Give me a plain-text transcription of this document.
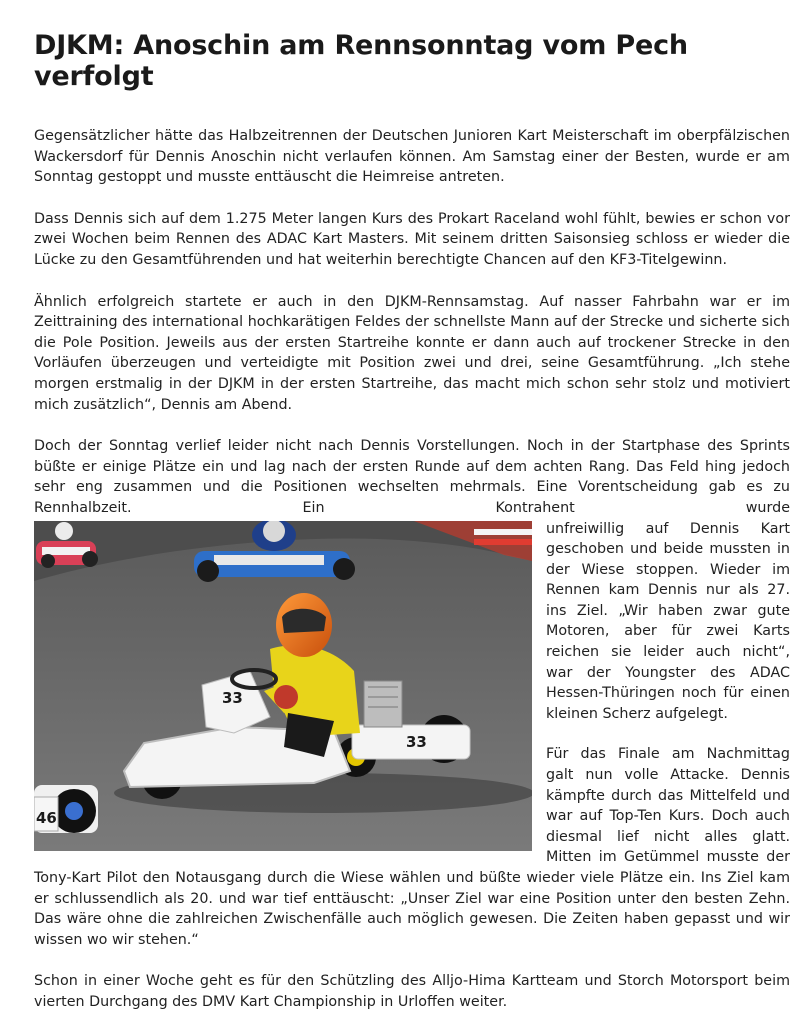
DJKM: Anoschin am Rennsonntag vom Pech verfolgt

Gegensätzlicher hätte das Halbzeitrennen der Deutschen Junioren Kart Meisterschaft im oberpfälzischen Wackersdorf für Dennis Anoschin nicht verlaufen können. Am Samstag einer der Besten, wurde er am Sonntag gestoppt und musste enttäuscht die Heimreise antreten.

Dass Dennis sich auf dem 1.275 Meter langen Kurs des Prokart Raceland wohl fühlt, bewies er schon vor zwei Wochen beim Rennen des ADAC Kart Masters. Mit seinem dritten Saisonsieg schloss er wieder die Lücke zu den Gesamtführenden und hat weiterhin berechtigte Chancen auf den KF3-Titelgewinn.

Ähnlich erfolgreich startete er auch in den DJKM-Rennsamstag. Auf nasser Fahrbahn war er im Zeittraining des international hochkarätigen Feldes der schnellste Mann auf der Strecke und sicherte sich die Pole Position. Jeweils aus der ersten Startreihe konnte er dann auch auf trockener Strecke in den Vorläufen überzeugen und verteidigte mit Position zwei und drei, seine Gesamtführung. „Ich stehe morgen erstmalig in der DJKM in der ersten Startreihe, das macht mich schon sehr stolz und motiviert mich zusätzlich“, Dennis am Abend.

Doch der Sonntag verlief leider nicht nach Dennis Vorstellungen. Noch in der Startphase des Sprints büßte er einige Plätze ein und lag nach der ersten Runde auf dem achten Rang. Das Feld hing jedoch sehr eng zusammen und die Positionen wechselten mehrmals. Eine Vorentscheidung gab es zu Rennhalbzeit. Ein Kontrahent wurde

33
33
46

unfreiwillig auf Dennis Kart geschoben und beide mussten in der Wiese stoppen. Wieder im Rennen kam Dennis nur als 27. ins Ziel. „Wir haben zwar gute Motoren, aber für zwei Karts reichen sie leider auch nicht“, war der Youngster des ADAC Hessen-Thüringen noch für einen kleinen Scherz aufgelegt.

Für das Finale am Nachmittag galt nun volle Attacke. Dennis kämpfte durch das Mittelfeld und war auf Top-Ten Kurs. Doch auch diesmal lief nicht alles glatt. Mitten im Getümmel musste der Tony-Kart Pilot den Notausgang durch die Wiese wählen und büßte wieder viele Plätze ein. Ins Ziel kam er schlussendlich als 20. und war tief enttäuscht: „Unser Ziel war eine Position unter den besten Zehn. Das wäre ohne die zahlreichen Zwischenfälle auch möglich gewesen. Die Zeiten haben gepasst und wir wissen wo wir stehen.“

Schon in einer Woche geht es für den Schützling des Alljo-Hima Kartteam und Storch Motorsport beim vierten Durchgang des DMV Kart Championship in Urloffen weiter.
